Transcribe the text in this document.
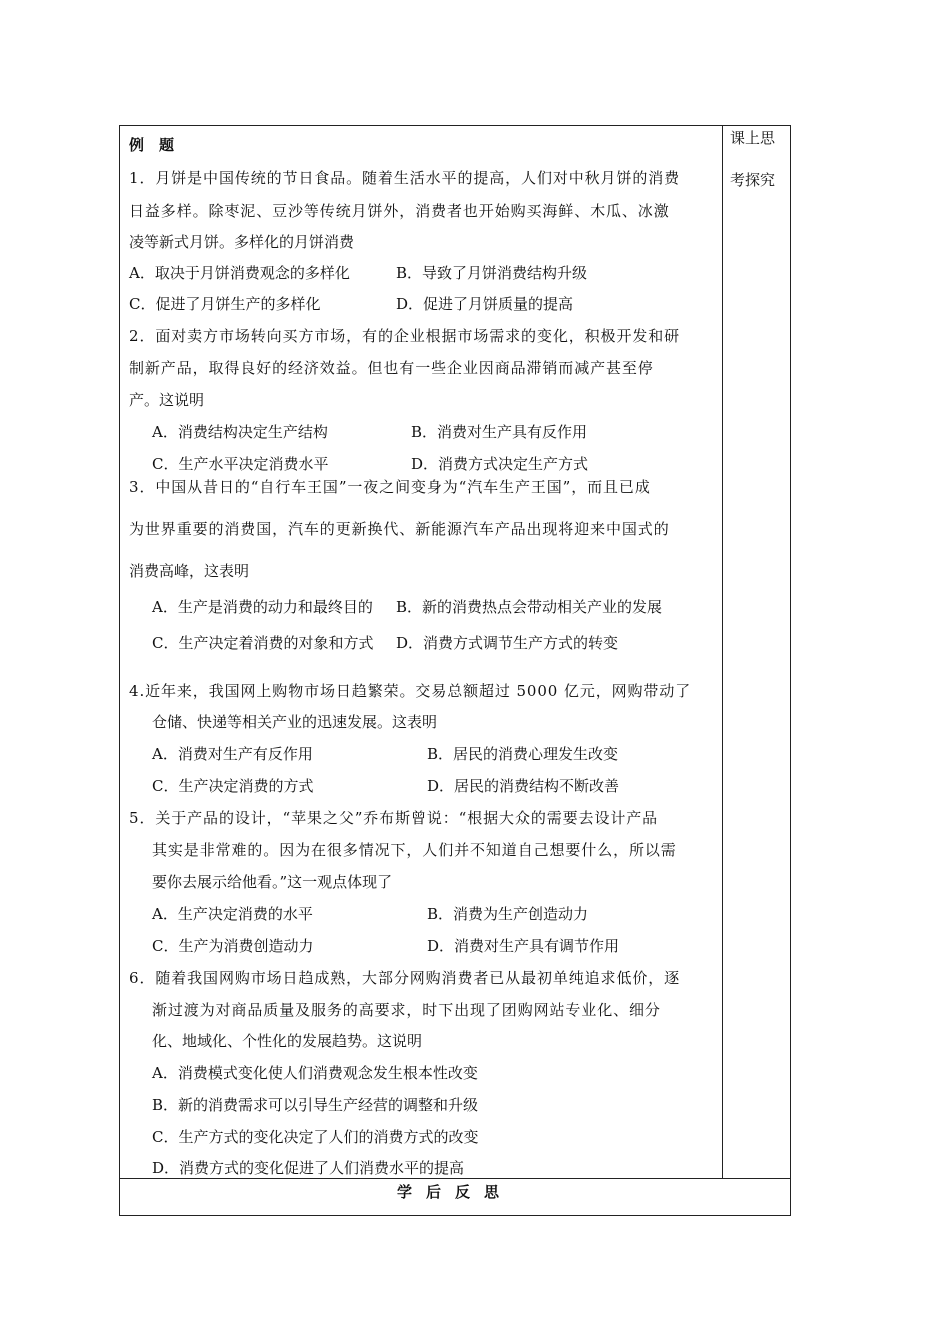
例　题	课上思
考探究
1．月饼是中国传统的节日食品。随着生活水平的提高，人们对中秋月饼的消费
日益多样。除枣泥、豆沙等传统月饼外，消费者也开始购买海鲜、木瓜、冰激
凌等新式月饼。多样化的月饼消费
A．取决于月饼消费观念的多样化	B．导致了月饼消费结构升级
C．促进了月饼生产的多样化	D．促进了月饼质量的提高
2．面对卖方市场转向买方市场，有的企业根据市场需求的变化，积极开发和研
制新产品，取得良好的经济效益。但也有一些企业因商品滞销而减产甚至停
产。这说明
A．消费结构决定生产结构	B．消费对生产具有反作用
C．生产水平决定消费水平	D．消费方式决定生产方式
3．中国从昔日的“自行车王国”一夜之间变身为“汽车生产王国”，而且已成
为世界重要的消费国，汽车的更新换代、新能源汽车产品出现将迎来中国式的
消费高峰，这表明
A．生产是消费的动力和最终目的 B．新的消费热点会带动相关产业的发展
C．生产决定着消费的对象和方式 D．消费方式调节生产方式的转变
4.近年来，我国网上购物市场日趋繁荣。交易总额超过 5000 亿元，网购带动了
仓储、快递等相关产业的迅速发展。这表明
A．消费对生产有反作用	B．居民的消费心理发生改变
C．生产决定消费的方式	D．居民的消费结构不断改善
5．关于产品的设计，“苹果之父”乔布斯曾说：“根据大众的需要去设计产品
其实是非常难的。因为在很多情况下，人们并不知道自己想要什么，所以需
要你去展示给他看。”这一观点体现了
A．生产决定消费的水平	B．消费为生产创造动力
C．生产为消费创造动力	D．消费对生产具有调节作用
6．随着我国网购市场日趋成熟，大部分网购消费者已从最初单纯追求低价，逐
渐过渡为对商品质量及服务的高要求，时下出现了团购网站专业化、细分
化、地域化、个性化的发展趋势。这说明
A．消费模式变化使人们消费观念发生根本性改变
B．新的消费需求可以引导生产经营的调整和升级
C．生产方式的变化决定了人们的消费方式的改变
D．消费方式的变化促进了人们消费水平的提高
学后反思
